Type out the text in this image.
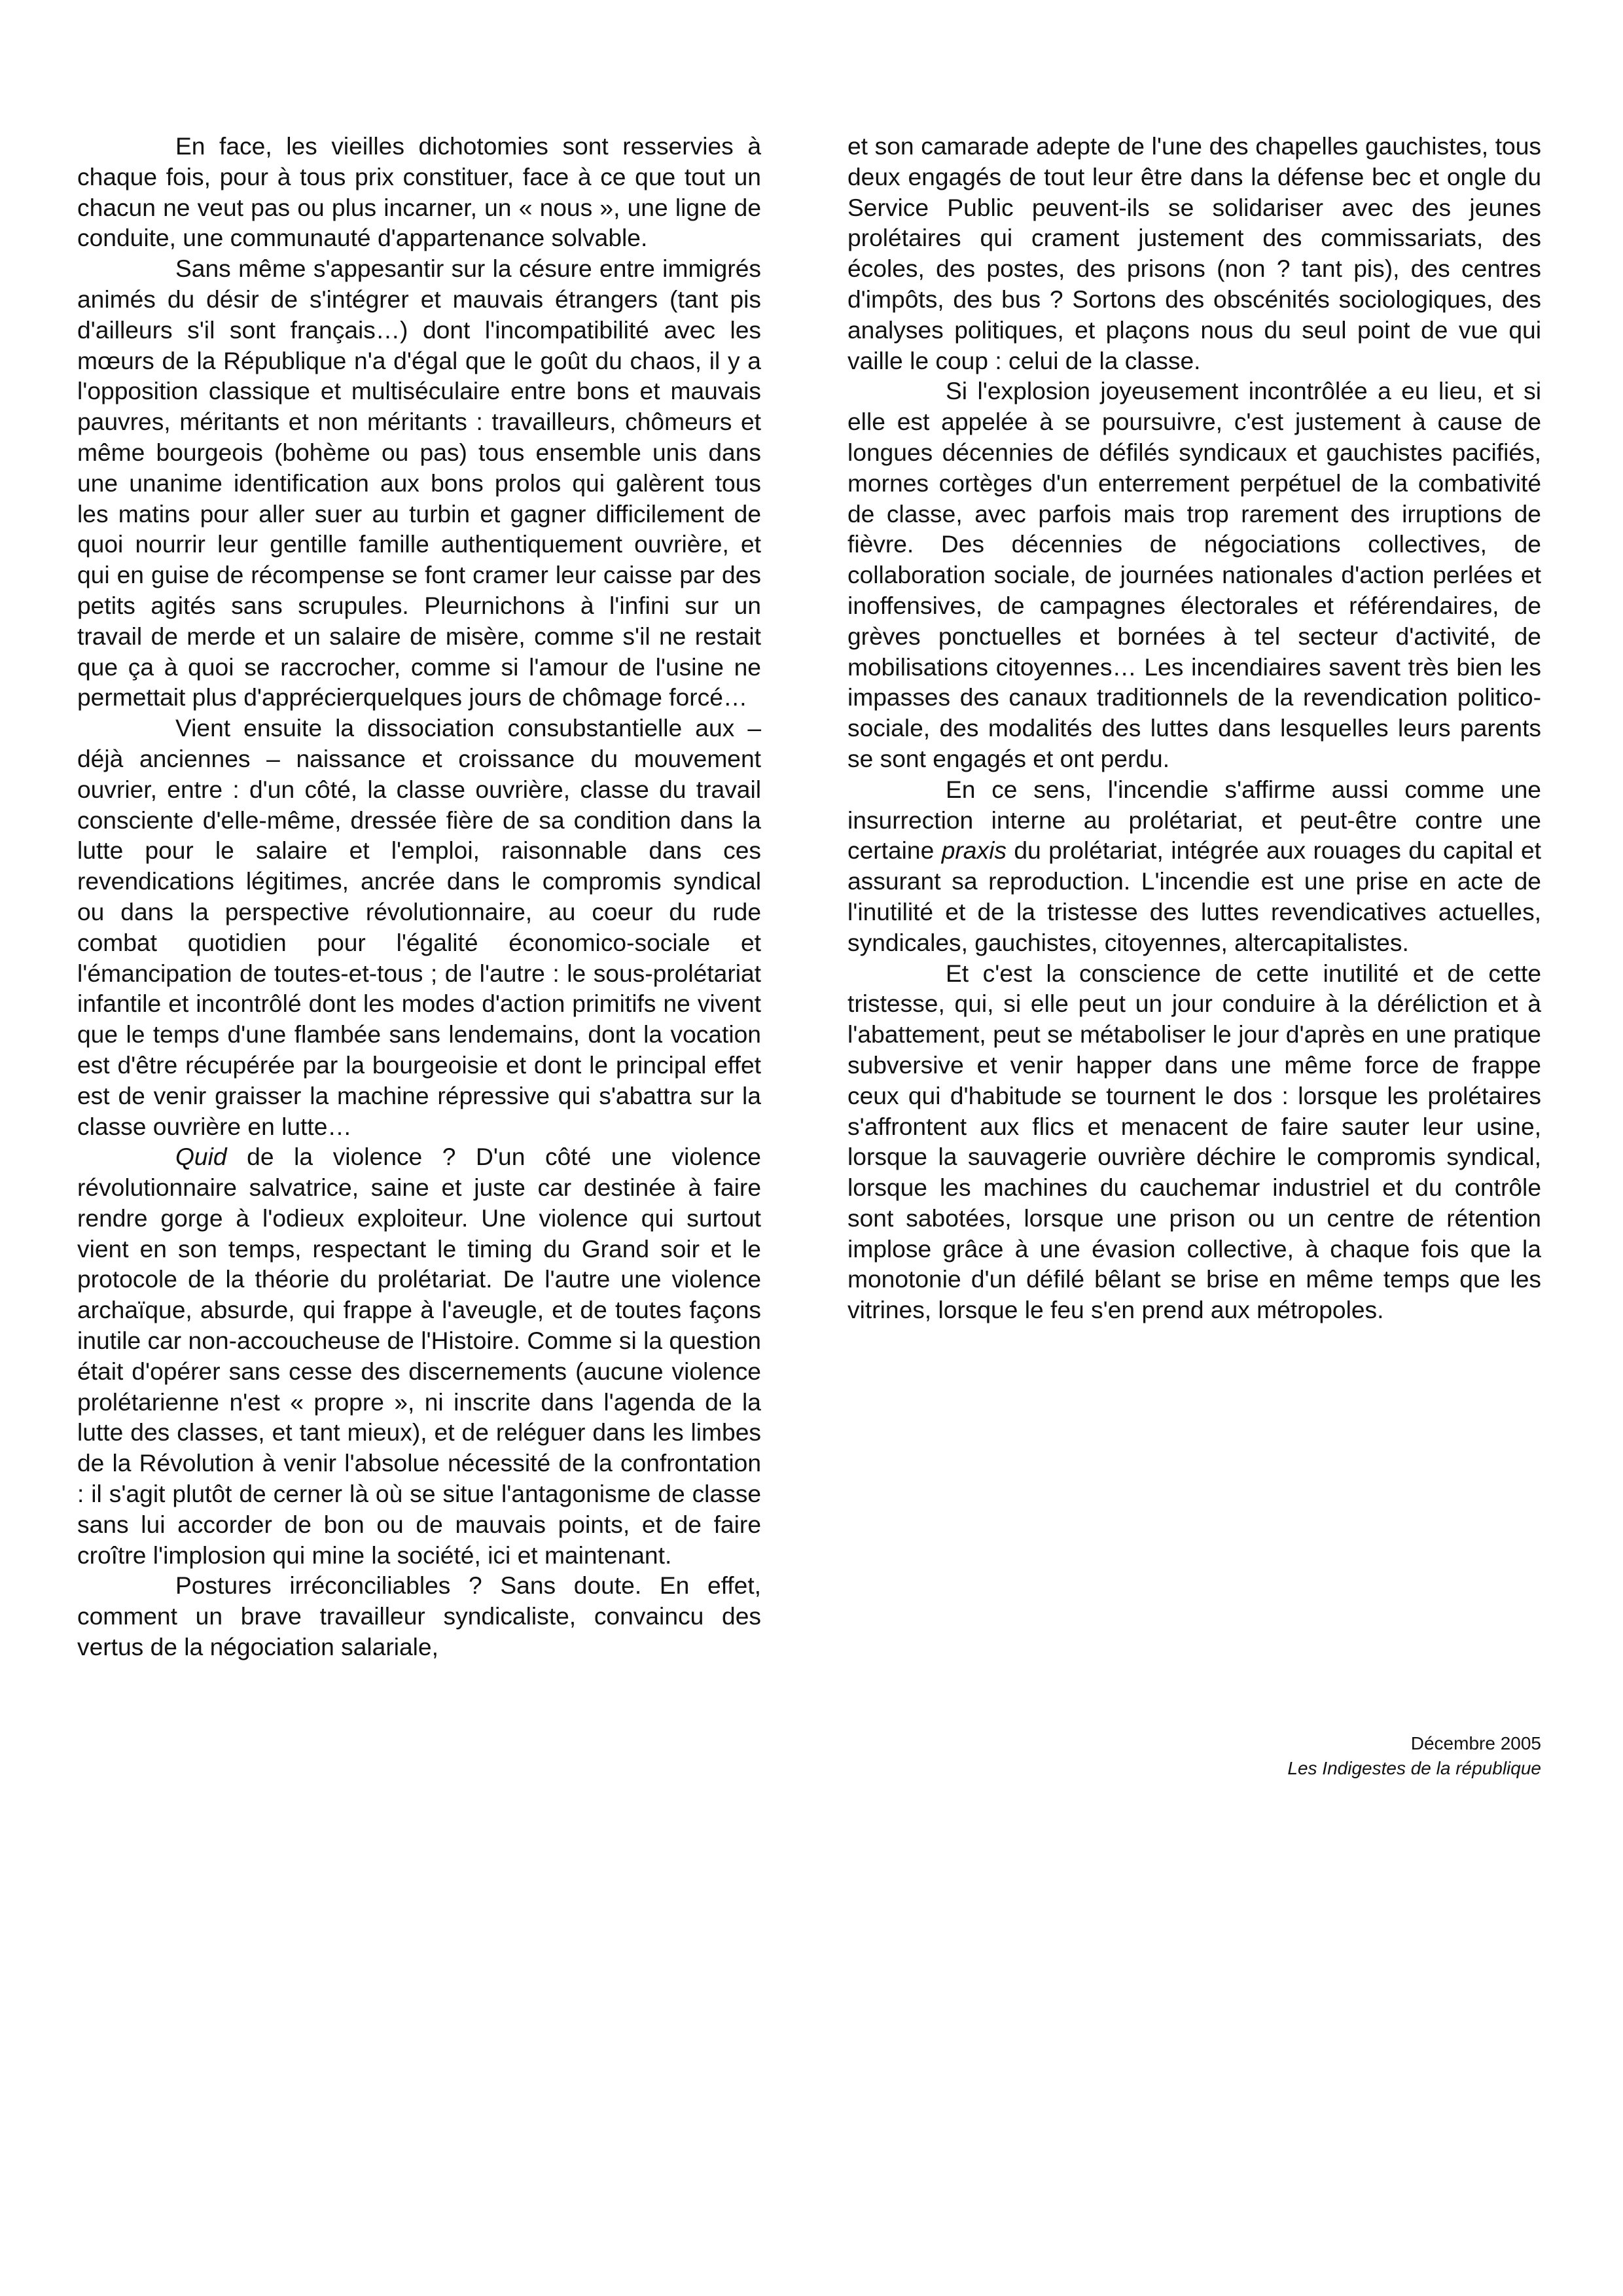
En face, les vieilles dichotomies sont resservies à chaque fois, pour à tous prix constituer, face à ce que tout un chacun ne veut pas ou plus incarner, un « nous », une ligne de conduite, une communauté d'appartenance solvable.

Sans même s'appesantir sur la césure entre immigrés animés du désir de s'intégrer et mauvais étrangers (tant pis d'ailleurs s'il sont français…) dont l'incompatibilité avec les mœurs de la République n'a d'égal que le goût du chaos, il y a l'opposition classique et multiséculaire entre bons et mauvais pauvres, méritants et non méritants : travailleurs, chômeurs et même bourgeois (bohème ou pas) tous ensemble unis dans une unanime identification aux bons prolos qui galèrent tous les matins pour aller suer au turbin et gagner difficilement de quoi nourrir leur gentille famille authentiquement ouvrière, et qui en guise de récompense se font cramer leur caisse par des petits agités sans scrupules. Pleurnichons à l'infini sur un travail de merde et un salaire de misère, comme s'il ne restait que ça à quoi se raccrocher, comme si l'amour de l'usine ne permettait plus d'apprécierquelques jours de chômage forcé…

Vient ensuite la dissociation consubstantielle aux – déjà anciennes – naissance et croissance du mouvement ouvrier, entre : d'un côté, la classe ouvrière, classe du travail consciente d'elle-même, dressée fière de sa condition dans la lutte pour le salaire et l'emploi, raisonnable dans ces revendications légitimes, ancrée dans le compromis syndical ou dans la perspective révolutionnaire, au coeur du rude combat quotidien pour l'égalité économico-sociale et l'émancipation de toutes-et-tous ; de l'autre : le sous-prolétariat infantile et incontrôlé dont les modes d'action primitifs ne vivent que le temps d'une flambée sans lendemains, dont la vocation est d'être récupérée par la bourgeoisie et dont le principal effet est de venir graisser la machine répressive qui s'abattra sur la classe ouvrière en lutte…

Quid de la violence ? D'un côté une violence révolutionnaire salvatrice, saine et juste car destinée à faire rendre gorge à l'odieux exploiteur. Une violence qui surtout vient en son temps, respectant le timing du Grand soir et le protocole de la théorie du prolétariat. De l'autre une violence archaïque, absurde, qui frappe à l'aveugle, et de toutes façons inutile car non-accoucheuse de l'Histoire. Comme si la question était d'opérer sans cesse des discernements (aucune violence prolétarienne n'est « propre », ni inscrite dans l'agenda de la lutte des classes, et tant mieux), et de reléguer dans les limbes de la Révolution à venir l'absolue nécessité de la confrontation : il s'agit plutôt de cerner là où se situe l'antagonisme de classe sans lui accorder de bon ou de mauvais points, et de faire croître l'implosion qui mine la société, ici et maintenant.

Postures irréconciliables ? Sans doute. En effet, comment un brave travailleur syndicaliste, convaincu des vertus de la négociation salariale,

et son camarade adepte de l'une des chapelles gauchistes, tous deux engagés de tout leur être dans la défense bec et ongle du Service Public peuvent-ils se solidariser avec des jeunes prolétaires qui crament justement des commissariats, des écoles, des postes, des prisons (non ? tant pis), des centres d'impôts, des bus ? Sortons des obscénités sociologiques, des analyses politiques, et plaçons nous du seul point de vue qui vaille le coup : celui de la classe.

Si l'explosion joyeusement incontrôlée a eu lieu, et si elle est appelée à se poursuivre, c'est justement à cause de longues décennies de défilés syndicaux et gauchistes pacifiés, mornes cortèges d'un enterrement perpétuel de la combativité de classe, avec parfois mais trop rarement des irruptions de fièvre. Des décennies de négociations collectives, de collaboration sociale, de journées nationales d'action perlées et inoffensives, de campagnes électorales et référendaires, de grèves ponctuelles et bornées à tel secteur d'activité, de mobilisations citoyennes… Les incendiaires savent très bien les impasses des canaux traditionnels de la revendication politico-sociale, des modalités des luttes dans lesquelles leurs parents se sont engagés et ont perdu.

En ce sens, l'incendie s'affirme aussi comme une insurrection interne au prolétariat, et peut-être contre une certaine praxis du prolétariat, intégrée aux rouages du capital et assurant sa reproduction. L'incendie est une prise en acte de l'inutilité et de la tristesse des luttes revendicatives actuelles, syndicales, gauchistes, citoyennes, altercapitalistes.

Et c'est la conscience de cette inutilité et de cette tristesse, qui, si elle peut un jour conduire à la déréliction et à l'abattement, peut se métaboliser le jour d'après en une pratique subversive et venir happer dans une même force de frappe ceux qui d'habitude se tournent le dos : lorsque les prolétaires s'affrontent aux flics et menacent de faire sauter leur usine, lorsque la sauvagerie ouvrière déchire le compromis syndical, lorsque les machines du cauchemar industriel et du contrôle sont sabotées, lorsque une prison ou un centre de rétention implose grâce à une évasion collective, à chaque fois que la monotonie d'un défilé bêlant se brise en même temps que les vitrines, lorsque le feu s'en prend aux métropoles.

Décembre 2005
Les Indigestes de la république
